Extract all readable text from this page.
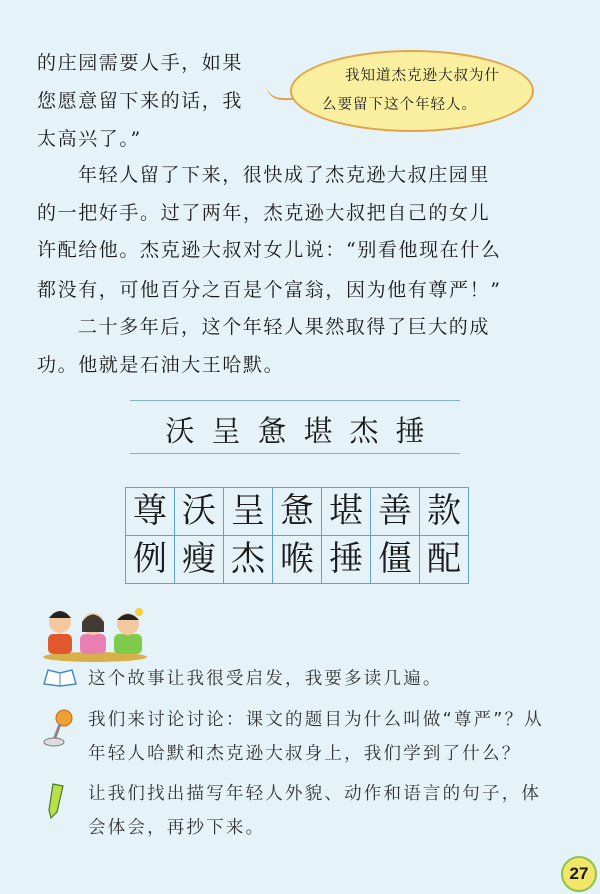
的庄园需要人手，如果
您愿意留下来的话，我
太高兴了。”
年轻人留了下来，很快成了杰克逊大叔庄园里
的一把好手。过了两年，杰克逊大叔把自己的女儿
许配给他。杰克逊大叔对女儿说：“别看他现在什么
都没有，可他百分之百是个富翁，因为他有尊严！”
二十多年后，这个年轻人果然取得了巨大的成
功。他就是石油大王哈默。
我知道杰克逊大叔为什
么要留下这个年轻人。
沃呈惫堪杰捶
尊	沃	呈	惫	堪	善	款
例	瘦	杰	喉	捶	僵	配
这个故事让我很受启发，我要多读几遍。
我们来讨论讨论：课文的题目为什么叫做“尊严”？从
年轻人哈默和杰克逊大叔身上，我们学到了什么？
让我们找出描写年轻人外貌、动作和语言的句子，体
会体会，再抄下来。
27
